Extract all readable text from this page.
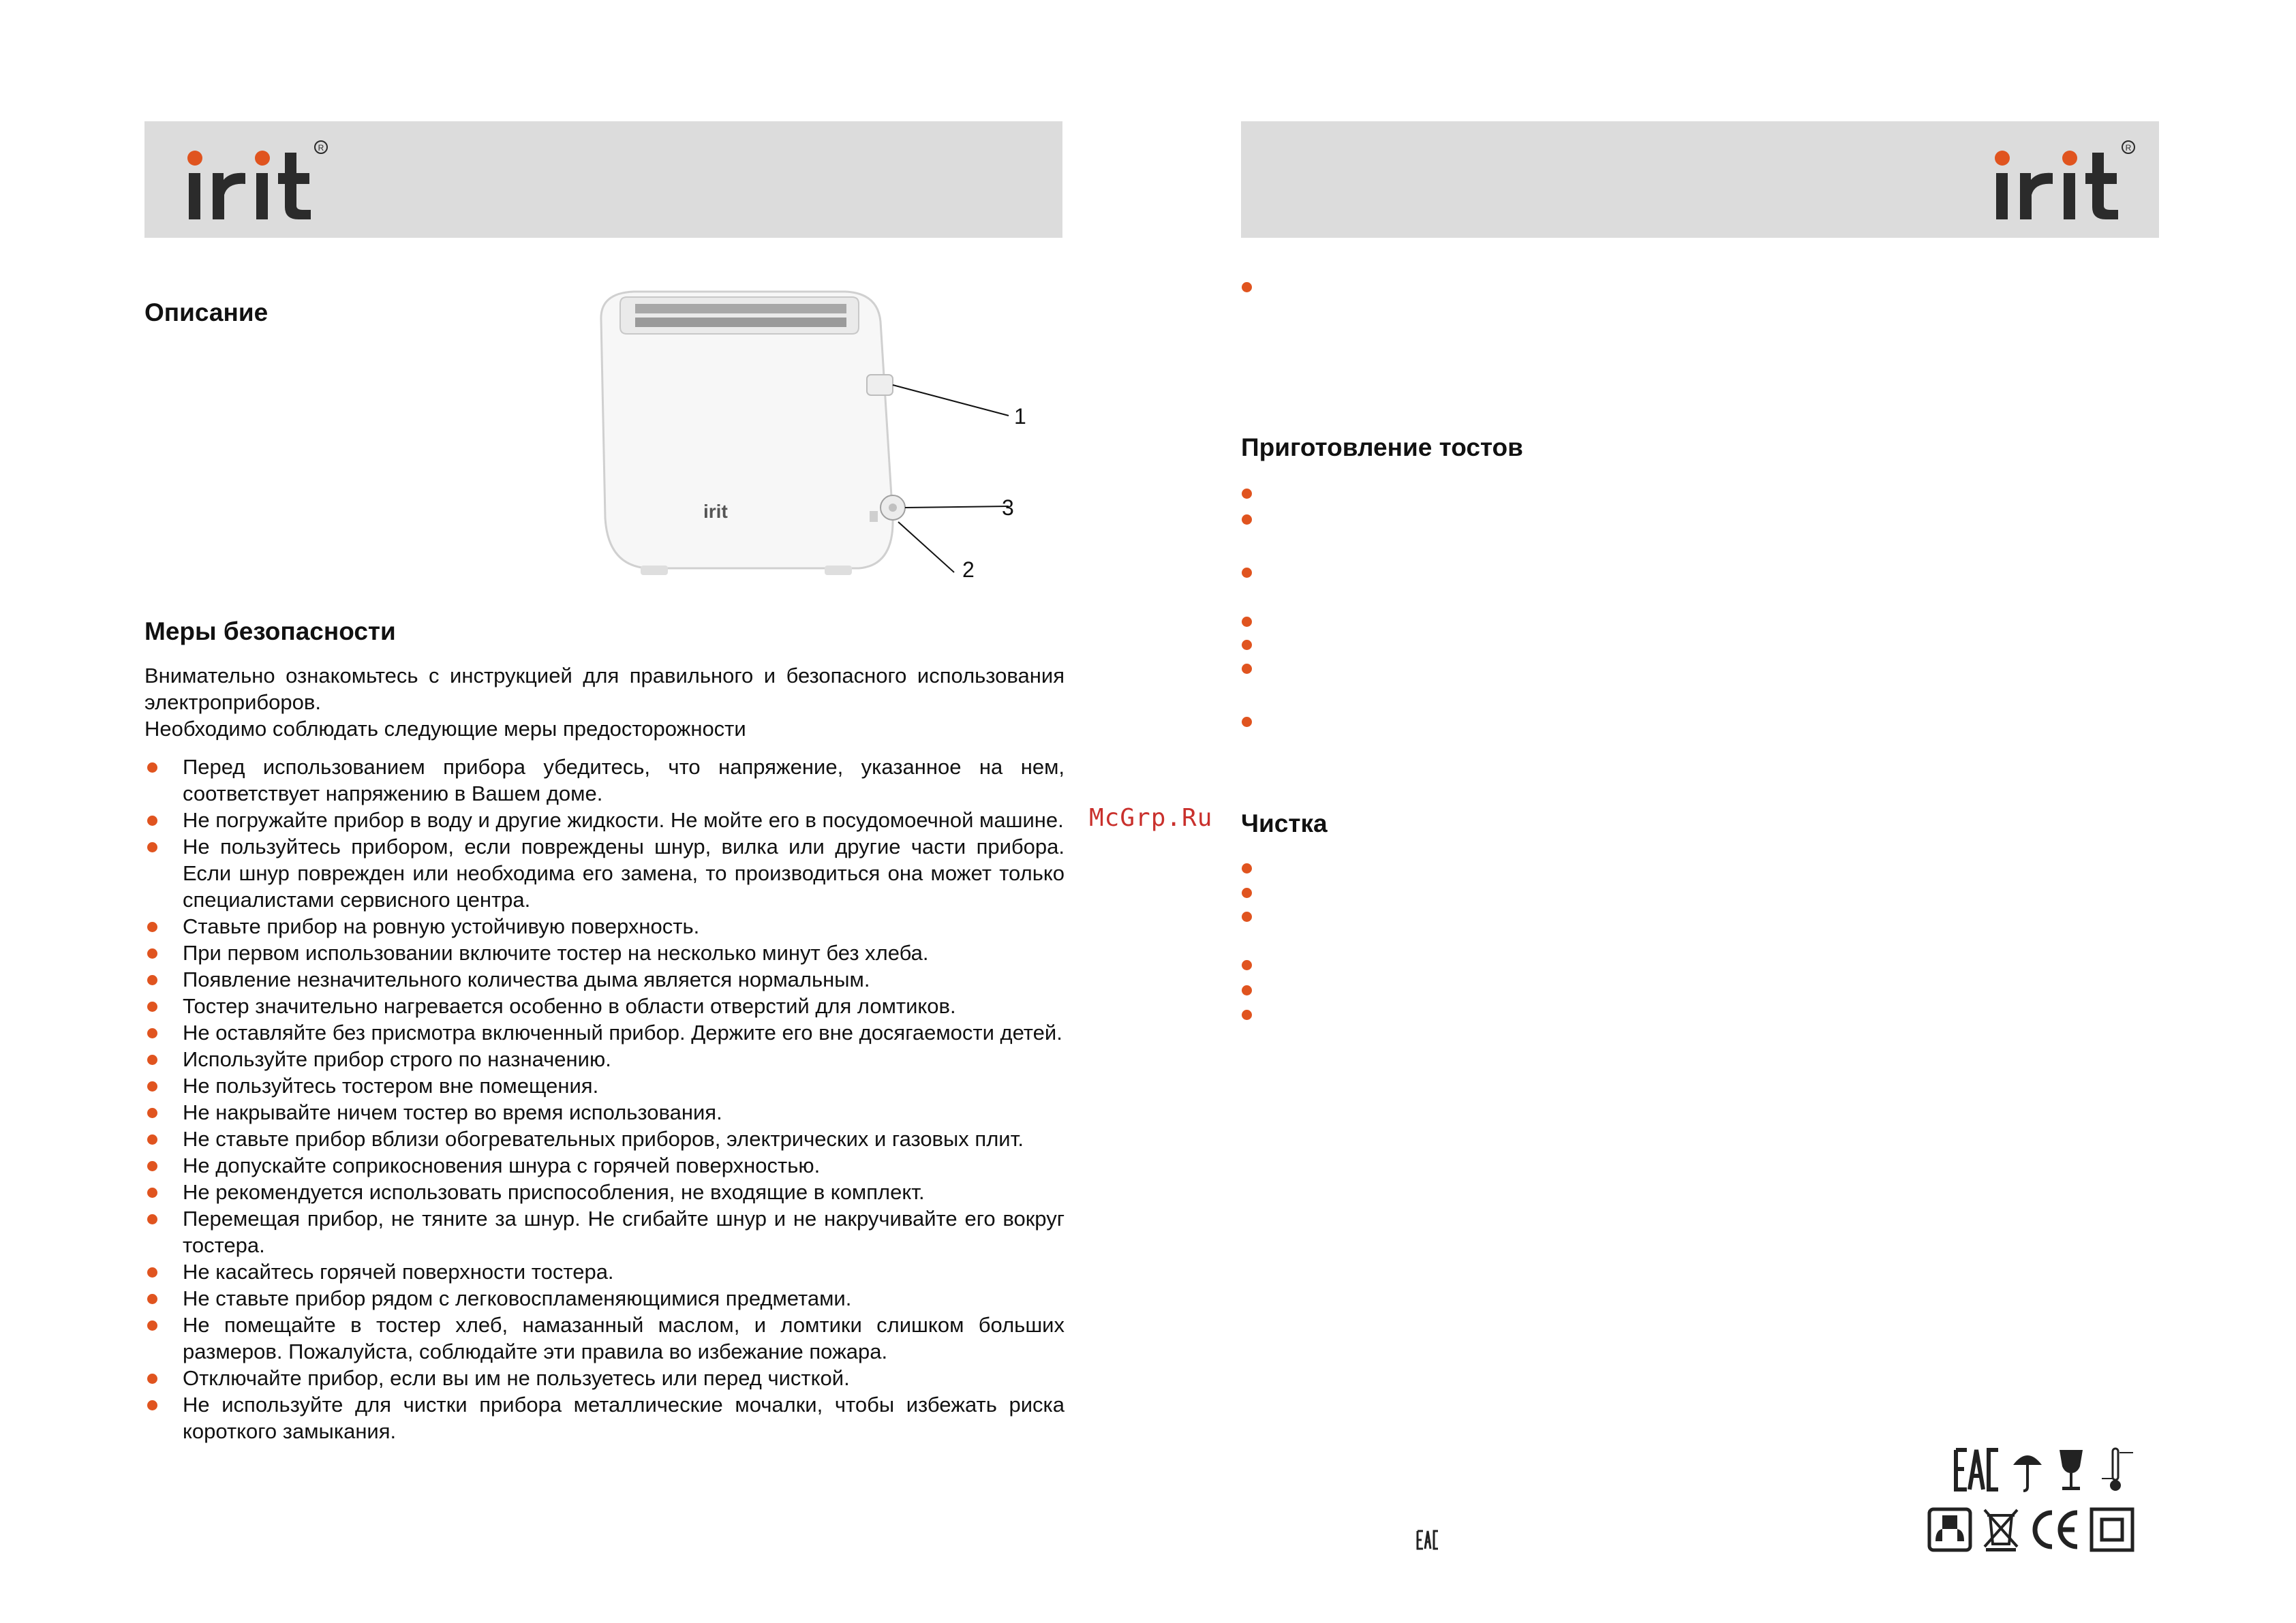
R	R
Описание
irit
1
3
2
Меры безопасности

Внимательно ознакомьтесь с инструкцией для правильного и безопасного использования электроприборов.

Необходимо соблюдать следующие меры предосторожности

Перед использованием прибора убедитесь, что напряжение, указанное на нем, соответствует напряжению в Вашем доме.
Не погружайте прибор в воду и другие жидкости. Не мойте его в посудомоечной машине.
Не пользуйтесь прибором, если повреждены шнур, вилка или другие части прибора. Если шнур поврежден или необходима его замена, то производиться она может только специалистами сервисного центра.
Ставьте прибор на ровную устойчивую поверхность.
При первом использовании включите тостер на несколько минут без хлеба.
Появление незначительного количества дыма является нормальным.
Тостер значительно нагревается особенно в области отверстий для ломтиков.
Не оставляйте без присмотра включенный прибор. Держите его вне досягаемости детей.
Используйте прибор строго по назначению.
Не пользуйтесь тостером вне помещения.
Не накрывайте ничем тостер во время использования.
Не ставьте прибор вблизи обогревательных приборов, электрических и газовых плит.
Не допускайте соприкосновения шнура с горячей поверхностью.
Не рекомендуется использовать приспособления, не входящие в комплект.
Перемещая прибор, не тяните за шнур. Не сгибайте шнур и не накручивайте его вокруг тостера.
Не касайтесь горячей поверхности тостера.
Не ставьте прибор рядом с легковоспламеняющимися предметами.
Не помещайте в тостер хлеб, намазанный маслом, и ломтики слишком больших размеров. Пожалуйста, соблюдайте эти правила во избежание пожара.
Отключайте прибор, если вы им не пользуетесь или перед чисткой.
Не используйте для чистки прибора металлические мочалки, чтобы избежать риска короткого замыкания.
McGrp.Ru
Приготовление тостов
Чистка
